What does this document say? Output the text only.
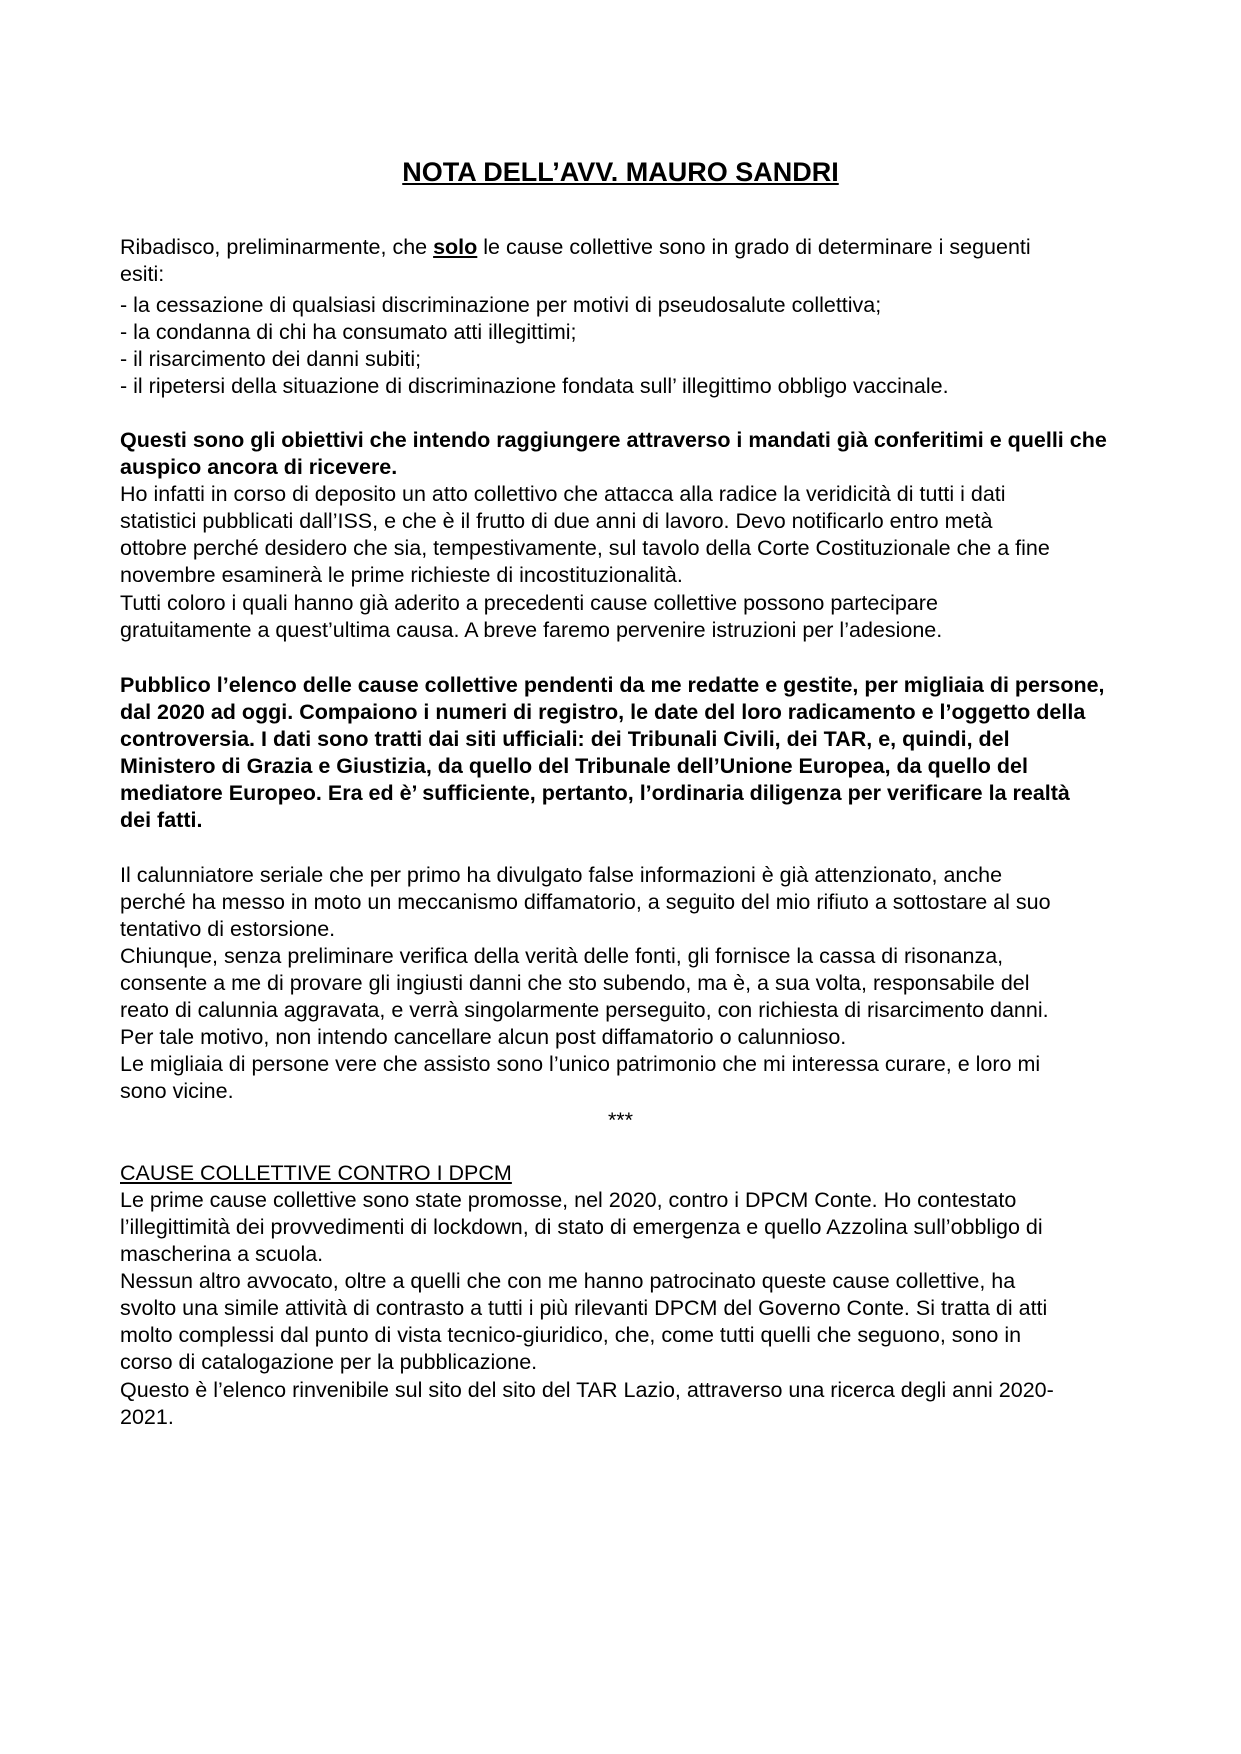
NOTA DELL’AVV. MAURO SANDRI

Ribadisco, preliminarmente, che solo le cause collettive sono in grado di determinare i seguenti

esiti:

- la cessazione di qualsiasi discriminazione per motivi di pseudosalute collettiva;

- la condanna di chi ha consumato atti illegittimi;

- il risarcimento dei danni subiti;

- il ripetersi della situazione di discriminazione fondata sull’ illegittimo obbligo vaccinale.

Questi sono gli obiettivi che intendo raggiungere attraverso i mandati già conferitimi e quelli che

auspico ancora di ricevere.

Ho infatti in corso di deposito un atto collettivo che attacca alla radice la veridicità di tutti i dati

statistici pubblicati dall’ISS, e che è il frutto di due anni di lavoro. Devo notificarlo entro metà

ottobre perché desidero che sia, tempestivamente, sul tavolo della Corte Costituzionale che a fine

novembre esaminerà le prime richieste di incostituzionalità.

Tutti coloro i quali hanno già aderito a precedenti cause collettive possono partecipare

gratuitamente a quest’ultima causa. A breve faremo pervenire istruzioni per l’adesione.

Pubblico l’elenco delle cause collettive pendenti da me redatte e gestite, per migliaia di persone,

dal 2020 ad oggi. Compaiono i numeri di registro, le date del loro radicamento e l’oggetto della

controversia. I dati sono tratti dai siti ufficiali: dei Tribunali Civili, dei TAR, e, quindi, del

Ministero di Grazia e Giustizia, da quello del Tribunale dell’Unione Europea, da quello del

mediatore Europeo. Era ed è’ sufficiente, pertanto, l’ordinaria diligenza per verificare la realtà

dei fatti.

Il calunniatore seriale che per primo ha divulgato false informazioni è già attenzionato, anche

perché ha messo in moto un meccanismo diffamatorio, a seguito del mio rifiuto a sottostare al suo

tentativo di estorsione.

Chiunque, senza preliminare verifica della verità delle fonti, gli fornisce la cassa di risonanza,

consente a me di provare gli ingiusti danni che sto subendo, ma è, a sua volta, responsabile del

reato di calunnia aggravata, e verrà singolarmente perseguito, con richiesta di risarcimento danni.

Per tale motivo, non intendo cancellare alcun post diffamatorio o calunnioso.

Le migliaia di persone vere che assisto sono l’unico patrimonio che mi interessa curare, e loro mi

sono vicine.

***

CAUSE COLLETTIVE CONTRO I DPCM

Le prime cause collettive sono state promosse, nel 2020, contro i DPCM Conte. Ho contestato

l’illegittimità dei provvedimenti di lockdown, di stato di emergenza e quello Azzolina sull’obbligo di

mascherina a scuola.

Nessun altro avvocato, oltre a quelli che con me hanno patrocinato queste cause collettive, ha

svolto una simile attività di contrasto a tutti i più rilevanti DPCM del Governo Conte. Si tratta di atti

molto complessi dal punto di vista tecnico-giuridico, che, come tutti quelli che seguono, sono in

corso di catalogazione per la pubblicazione.

Questo è l’elenco rinvenibile sul sito del sito del TAR Lazio, attraverso una ricerca degli anni 2020-

2021.
